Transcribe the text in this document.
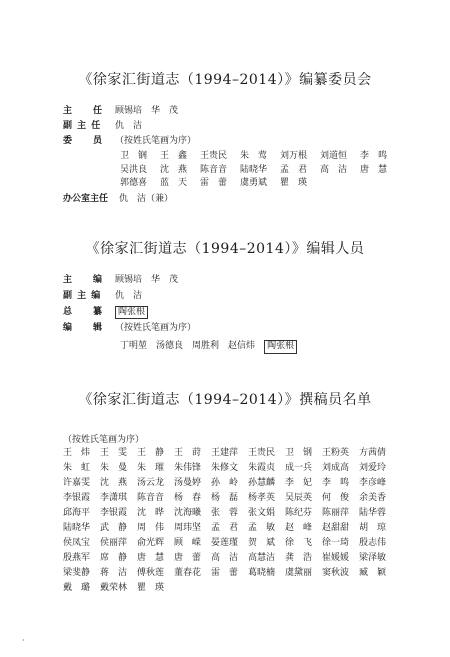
《徐家汇街道志（1994–2014）》编纂委员会
主　　任	顾锡培　华　茂
副 主 任	仇　洁
委　　员	（按姓氏笔画为序）
卫　锎	王　鑫	王贵民	朱　莺	刘万根	刘道恒	李　鸣
吴洪良	沈　燕	陈音音	陆晓华	孟　君	高　洁	唐　慧
郭德喜	蓝　天	雷　蕾	虞勇斌	瞿　瑛
办公室主任	仇　洁（兼）
《徐家汇街道志（1994–2014）》编辑人员
主　　编	顾锡培　华　茂
副 主 编	仇　洁
总　　纂	陶张根
编　　辑	（按姓氏笔画为序）
丁明堃 汤德良 周胜利 赵信炜	陶张根
《徐家汇街道志（1994–2014）》撰稿员名单
（按姓氏笔画为序）
王　炜	王　雯	王　静	王　莳	王建萍	王贵民	卫　钢	王粉英	方茜倩
朱　虹	朱　曼	朱　璀	朱伟锋	朱修文	朱霞贞	成一兵	刘成高	刘爱玲
许嘉雯	沈　燕	汤云龙	汤曼婷	孙　岭	孙慧麟	李　妃	李　鸣	李彦峰
李银霞	李潇琪	陈音音	杨　春	杨　磊	杨孝英	吴辰英	何　俊	余美香
邱海平	李银霞	沈　晔	沈海曦	张　蓉	张文娟	陈纪芬	陈丽萍	陆华蓉
陆晓华	武　静	周　伟	周玮坚	孟　君	孟　敏	赵　峰	赵甜甜	胡　琼
侯凤宝	侯丽萍	俞光辉	顾　嵘	晏莲瑾	贺　斌	徐　飞	徐一琦	殷志伟
殷燕军	席　静	唐　慧	唐　蕾	高　洁	高慧洁	龚　浩	崔媛媛	梁泽敏
梁斐静	蒋　洁	傅秋莲	董春花	雷　蕾	葛晓楠	虞黛丽	窦秋波	臧　颖
戴　璐	戴荣林	瞿　瑛
·
